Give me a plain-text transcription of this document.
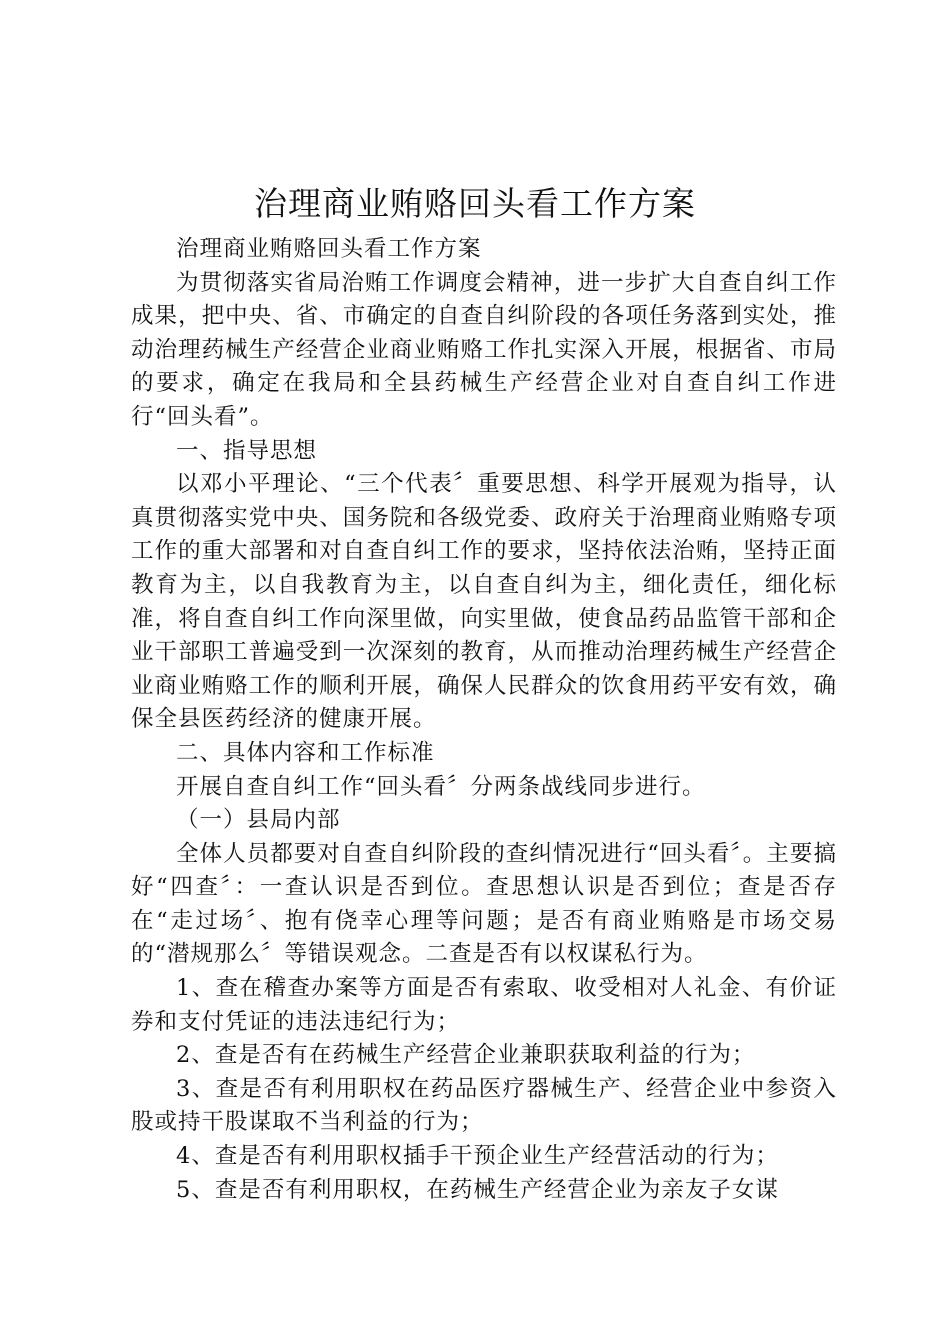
治理商业贿赂回头看工作方案

治理商业贿赂回头看工作方案

为贯彻落实省局治贿工作调度会精神，进一步扩大自查自纠工作成果，把中央、省、市确定的自查自纠阶段的各项任务落到实处，推动治理药械生产经营企业商业贿赂工作扎实深入开展，根据省、市局的要求，确定在我局和全县药械生产经营企业对自查自纠工作进行“回头看”。

一、指导思想

以邓小平理论、“三个代表〞重要思想、科学开展观为指导，认真贯彻落实党中央、国务院和各级党委、政府关于治理商业贿赂专项工作的重大部署和对自查自纠工作的要求，坚持依法治贿，坚持正面教育为主，以自我教育为主，以自查自纠为主，细化责任，细化标准，将自查自纠工作向深里做，向实里做，使食品药品监管干部和企业干部职工普遍受到一次深刻的教育，从而推动治理药械生产经营企业商业贿赂工作的顺利开展，确保人民群众的饮食用药平安有效，确保全县医药经济的健康开展。

二、具体内容和工作标准

开展自查自纠工作“回头看〞分两条战线同步进行。

（一）县局内部

全体人员都要对自查自纠阶段的查纠情况进行“回头看〞。主要搞好“四查〞：一查认识是否到位。查思想认识是否到位；查是否存在“走过场〞、抱有侥幸心理等问题；是否有商业贿赂是市场交易的“潜规那么〞等错误观念。二查是否有以权谋私行为。

1、查在稽查办案等方面是否有索取、收受相对人礼金、有价证券和支付凭证的违法违纪行为；

2、查是否有在药械生产经营企业兼职获取利益的行为；

3、查是否有利用职权在药品医疗器械生产、经营企业中参资入股或持干股谋取不当利益的行为；

4、查是否有利用职权插手干预企业生产经营活动的行为；

5、查是否有利用职权，在药械生产经营企业为亲友子女谋
